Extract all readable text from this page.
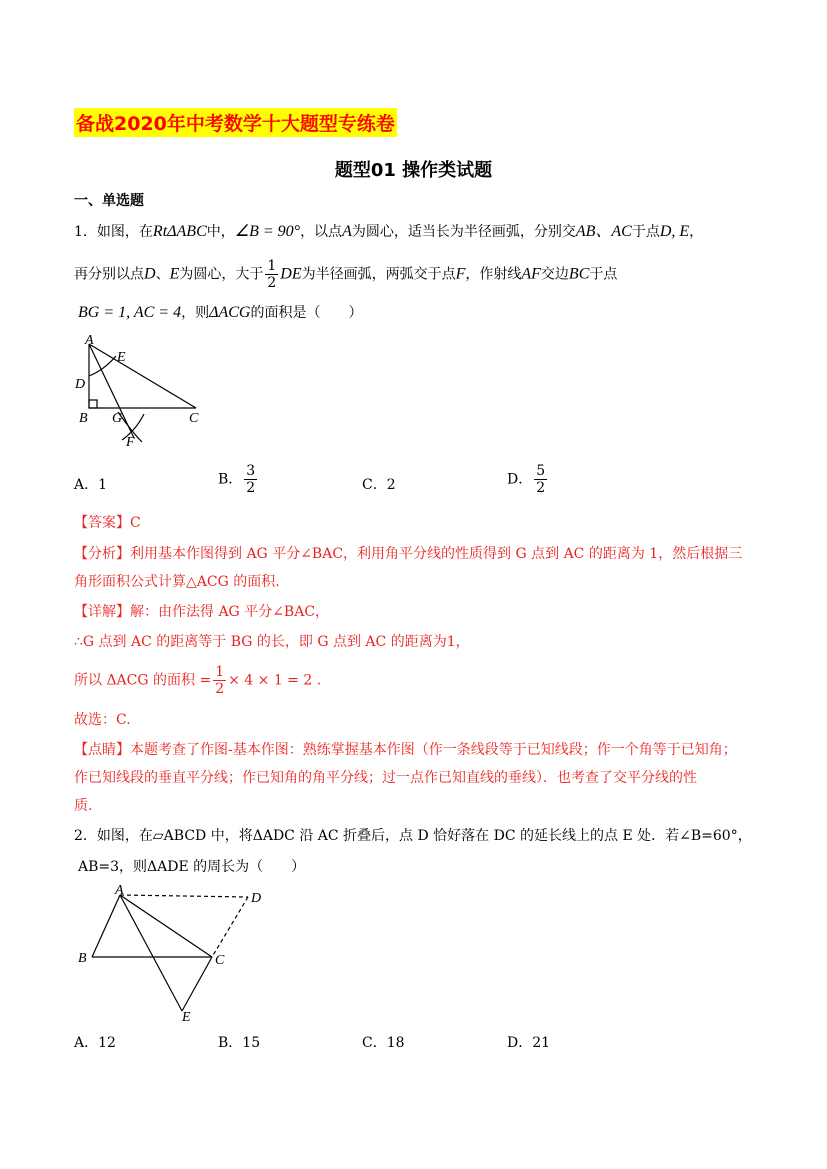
备战2020年中考数学十大题型专练卷
题型01 操作类试题
一、单选题
1．如图，在RtΔABC中，∠B = 90°，以点A为圆心，适当长为半径画弧，分别交AB、AC于点D, E，
再分别以点D、E为圆心，大于 $\frac{1}{2}$ DE为半径画弧，两弧交于点F，作射线AF交边BC于点
BG = 1, AC = 4，则ΔACG的面积是（　　）
A
E
D
B G	C
F
A．1	B． $\frac{3}{2}$	C．2	D． $\frac{5}{2}$
【答案】C
【分析】利用基本作图得到 AG 平分∠BAC，利用角平分线的性质得到 G 点到 AC 的距离为 1，然后根据三
角形面积公式计算△ACG 的面积.
【详解】解：由作法得 AG 平分∠BAC，
∴G 点到 AC 的距离等于 BG 的长，即 G 点到 AC 的距离为1，
所以 ΔACG 的面积 = $\frac{1}{2} \times 4 \times 1 = 2$ .
故选：C.
【点睛】本题考查了作图-基本作图：熟练掌握基本作图（作一条线段等于已知线段；作一个角等于已知角；
作已知线段的垂直平分线；作已知角的角平分线；过一点作已知直线的垂线）．也考查了交平分线的性
质.
2．如图，在▱ABCD 中，将ΔADC 沿 AC 折叠后，点 D 恰好落在 DC 的延长线上的点 E 处．若∠B=60°，
AB=3，则ΔADE 的周长为（　　）
A
D
B	C
E
A．12	B．15	C．18	D．21
